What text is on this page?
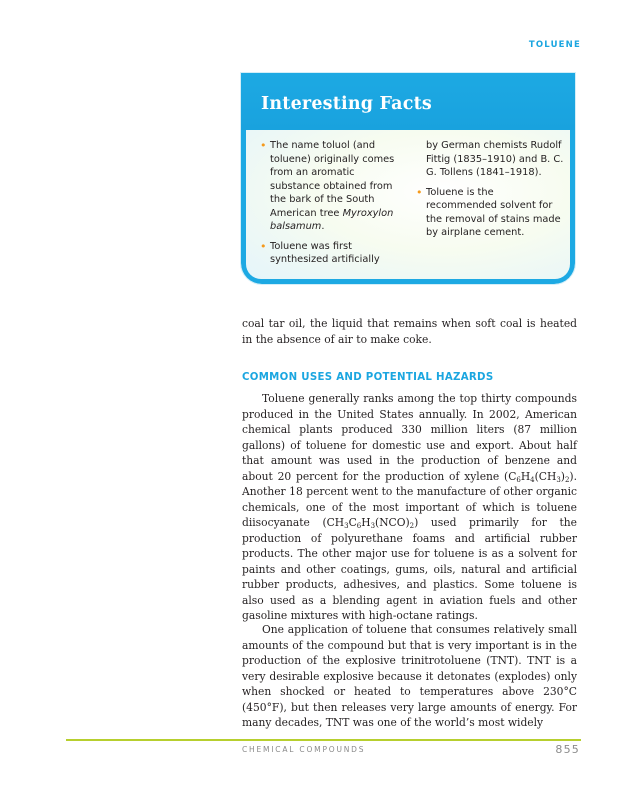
TOLUENE
Interesting Facts
• The name toluol (and toluene) originally comes from an aromatic substance obtained from the bark of the South American tree Myroxylon balsamum.
• Toluene was first synthesized artificially
by German chemists Rudolf Fittig (1835–1910) and B. C. G. Tollens (1841–1918).
• Toluene is the recommended solvent for the removal of stains made by airplane cement.
coal tar oil, the liquid that remains when soft coal is heated in the absence of air to make coke.
COMMON USES AND POTENTIAL HAZARDS
Toluene generally ranks among the top thirty compounds produced in the United States annually. In 2002, American chemical plants produced 330 million liters (87 million gallons) of toluene for domestic use and export. About half that amount was used in the production of benzene and about 20 percent for the production of xylene $(C_6H_4(CH_3)_2)$. Another 18 percent went to the manufacture of other organic chemicals, one of the most important of which is toluene diisocyanate $(CH_3C_6H_3(NCO)_2)$ used primarily for the production of polyurethane foams and artificial rubber products. The other major use for toluene is as a solvent for paints and other coatings, gums, oils, natural and artificial rubber products, adhesives, and plastics. Some toluene is also used as a blending agent in aviation fuels and other gasoline mixtures with high-octane ratings.
One application of toluene that consumes relatively small amounts of the compound but that is very important is in the production of the explosive trinitrotoluene (TNT). TNT is a very desirable explosive because it detonates (explodes) only when shocked or heated to temperatures above 230°C (450°F), but then releases very large amounts of energy. For many decades, TNT was one of the world’s most widely
CHEMICAL COMPOUNDS	855
